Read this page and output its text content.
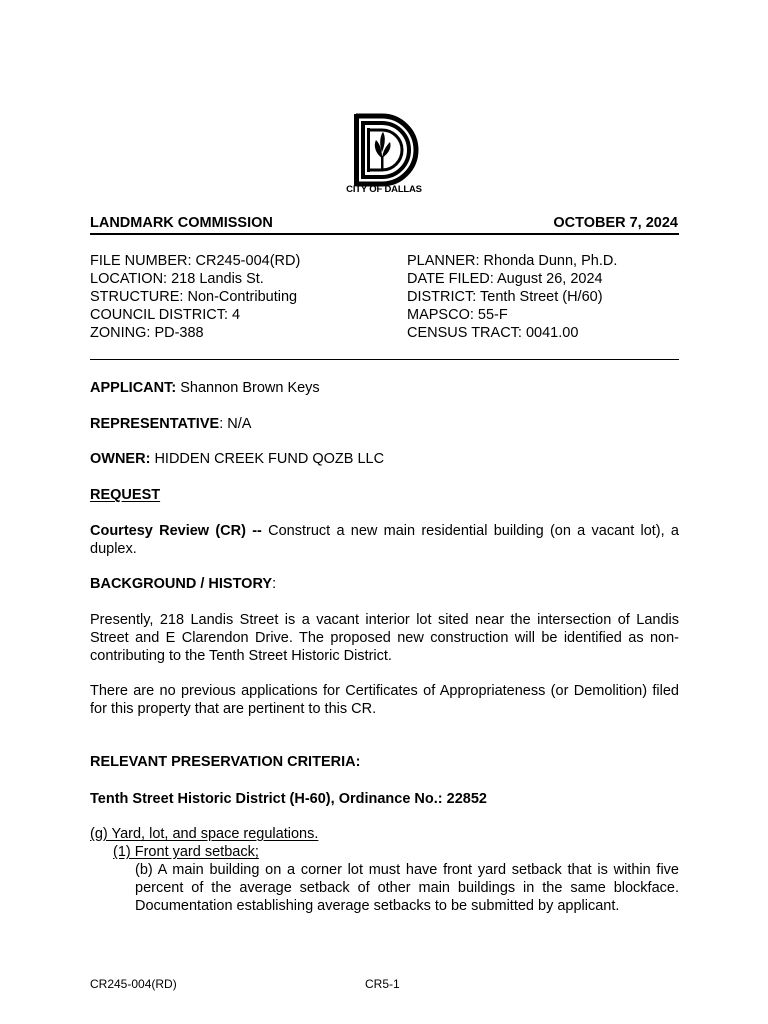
CITY OF DALLAS
LANDMARK COMMISSION	OCTOBER 7, 2024
FILE NUMBER: CR245-004(RD)
LOCATION: 218 Landis St.
STRUCTURE: Non-Contributing
COUNCIL DISTRICT: 4
ZONING: PD-388
PLANNER: Rhonda Dunn, Ph.D.
DATE FILED: August 26, 2024
DISTRICT: Tenth Street (H/60)
MAPSCO: 55-F
CENSUS TRACT: 0041.00
APPLICANT: Shannon Brown Keys
REPRESENTATIVE: N/A
OWNER: HIDDEN CREEK FUND QOZB LLC
REQUEST
Courtesy Review (CR) -- Construct a new main residential building (on a vacant lot), a duplex.
BACKGROUND / HISTORY:
Presently, 218 Landis Street is a vacant interior lot sited near the intersection of Landis Street and E Clarendon Drive. The proposed new construction will be identified as non-contributing to the Tenth Street Historic District.
There are no previous applications for Certificates of Appropriateness (or Demolition) filed for this property that are pertinent to this CR.
RELEVANT PRESERVATION CRITERIA:
Tenth Street Historic District (H-60), Ordinance No.: 22852
(g) Yard, lot, and space regulations.
(1) Front yard setback;
(b) A main building on a corner lot must have front yard setback that is within five percent of the average setback of other main buildings in the same blockface. Documentation establishing average setbacks to be submitted by applicant.
CR245-004(RD)	CR5-1
